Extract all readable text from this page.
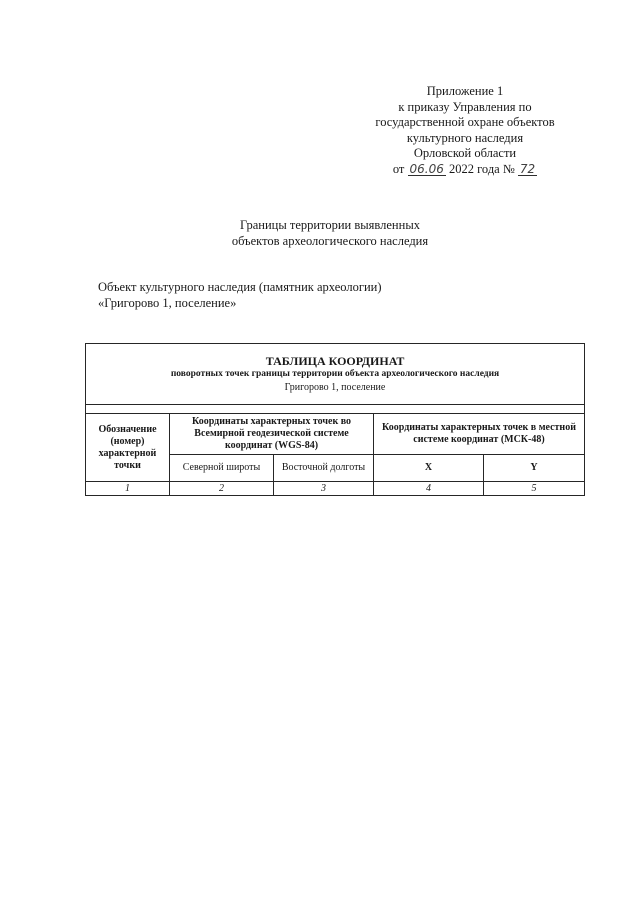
Приложение 1
к приказу Управления по
государственной охране объектов
культурного наследия
Орловской области
от 06.06 2022 года № 72
Границы территории выявленных
объектов археологического наследия
Объект культурного наследия (памятник археологии)
«Григорово 1, поселение»
ТАБЛИЦА КООРДИНАТ
поворотных точек границы территории объекта археологического наследия
Григорово 1, поселение				

Обозначение (номер) характерной точки	Координаты характерных точек во Всемирной геодезической системе координат (WGS-84)		Координаты характерных точек в местной системе координат (МСК-48)	
	Северной широты	Восточной долготы	X	Y
1	2	3	4	5
